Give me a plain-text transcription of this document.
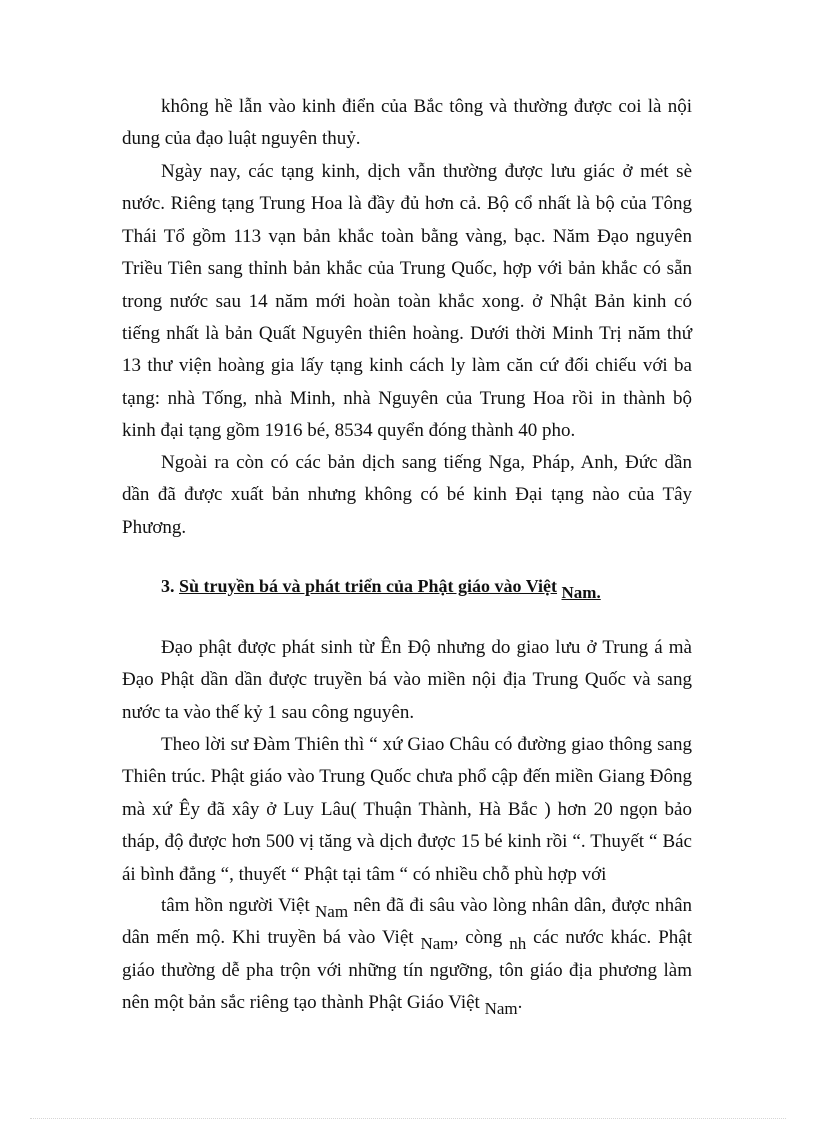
không hề lẫn vào kinh điển của Bắc tông và thường được coi là nội dung của đạo luật nguyên thuỷ.

Ngày nay, các tạng kinh, dịch vẫn thường được lưu giác ở mét sè nước. Riêng tạng Trung Hoa là đầy đủ hơn cả. Bộ cổ nhất là bộ của Tông Thái Tổ gồm 113 vạn bản khắc toàn bằng vàng, bạc. Năm Đạo nguyên Triều Tiên sang thỉnh bản khắc của Trung Quốc, hợp với bản khắc có sẵn trong nước sau 14 năm mới hoàn toàn khắc xong. ở Nhật Bản kinh có tiếng nhất là bản Quất Nguyên thiên hoàng. Dưới thời Minh Trị năm thứ 13 thư viện hoàng gia lấy tạng kinh cách ly làm căn cứ đối chiếu với ba tạng: nhà Tống, nhà Minh, nhà Nguyên của Trung Hoa rồi in thành bộ kinh đại tạng gồm 1916 bé, 8534 quyển đóng thành 40 pho.

Ngoài ra còn có các bản dịch sang tiếng Nga, Pháp, Anh, Đức dần dần đã được xuất bản nhưng không có bé kinh Đại tạng nào của Tây Phương.

3. Sù truyền bá và phát triển của Phật giáo vào Việt Nam.

Đạo phật được phát sinh từ Ên Độ nhưng do giao lưu ở Trung á mà Đạo Phật dần dần được truyền bá vào miền nội địa Trung Quốc và sang nước ta vào thế kỷ 1 sau công nguyên.

Theo lời sư Đàm Thiên thì “ xứ Giao Châu có đường giao thông sang Thiên trúc. Phật giáo vào Trung Quốc chưa phổ cập đến miền Giang Đông mà xứ Êy đã xây ở Luy Lâu( Thuận Thành, Hà Bắc ) hơn 20 ngọn bảo tháp, độ được hơn 500 vị tăng và dịch được 15 bé kinh rồi “. Thuyết “ Bác ái bình đẳng “, thuyết “ Phật tại tâm “ có nhiều chỗ phù hợp với

tâm hồn người Việt Nam nên đã đi sâu vào lòng nhân dân, được nhân dân mến mộ. Khi truyền bá vào Việt Nam, còng nh các nước khác. Phật giáo thường dễ pha trộn với những tín ngưỡng, tôn giáo địa phương làm nên một bản sắc riêng tạo thành Phật Giáo Việt Nam.
